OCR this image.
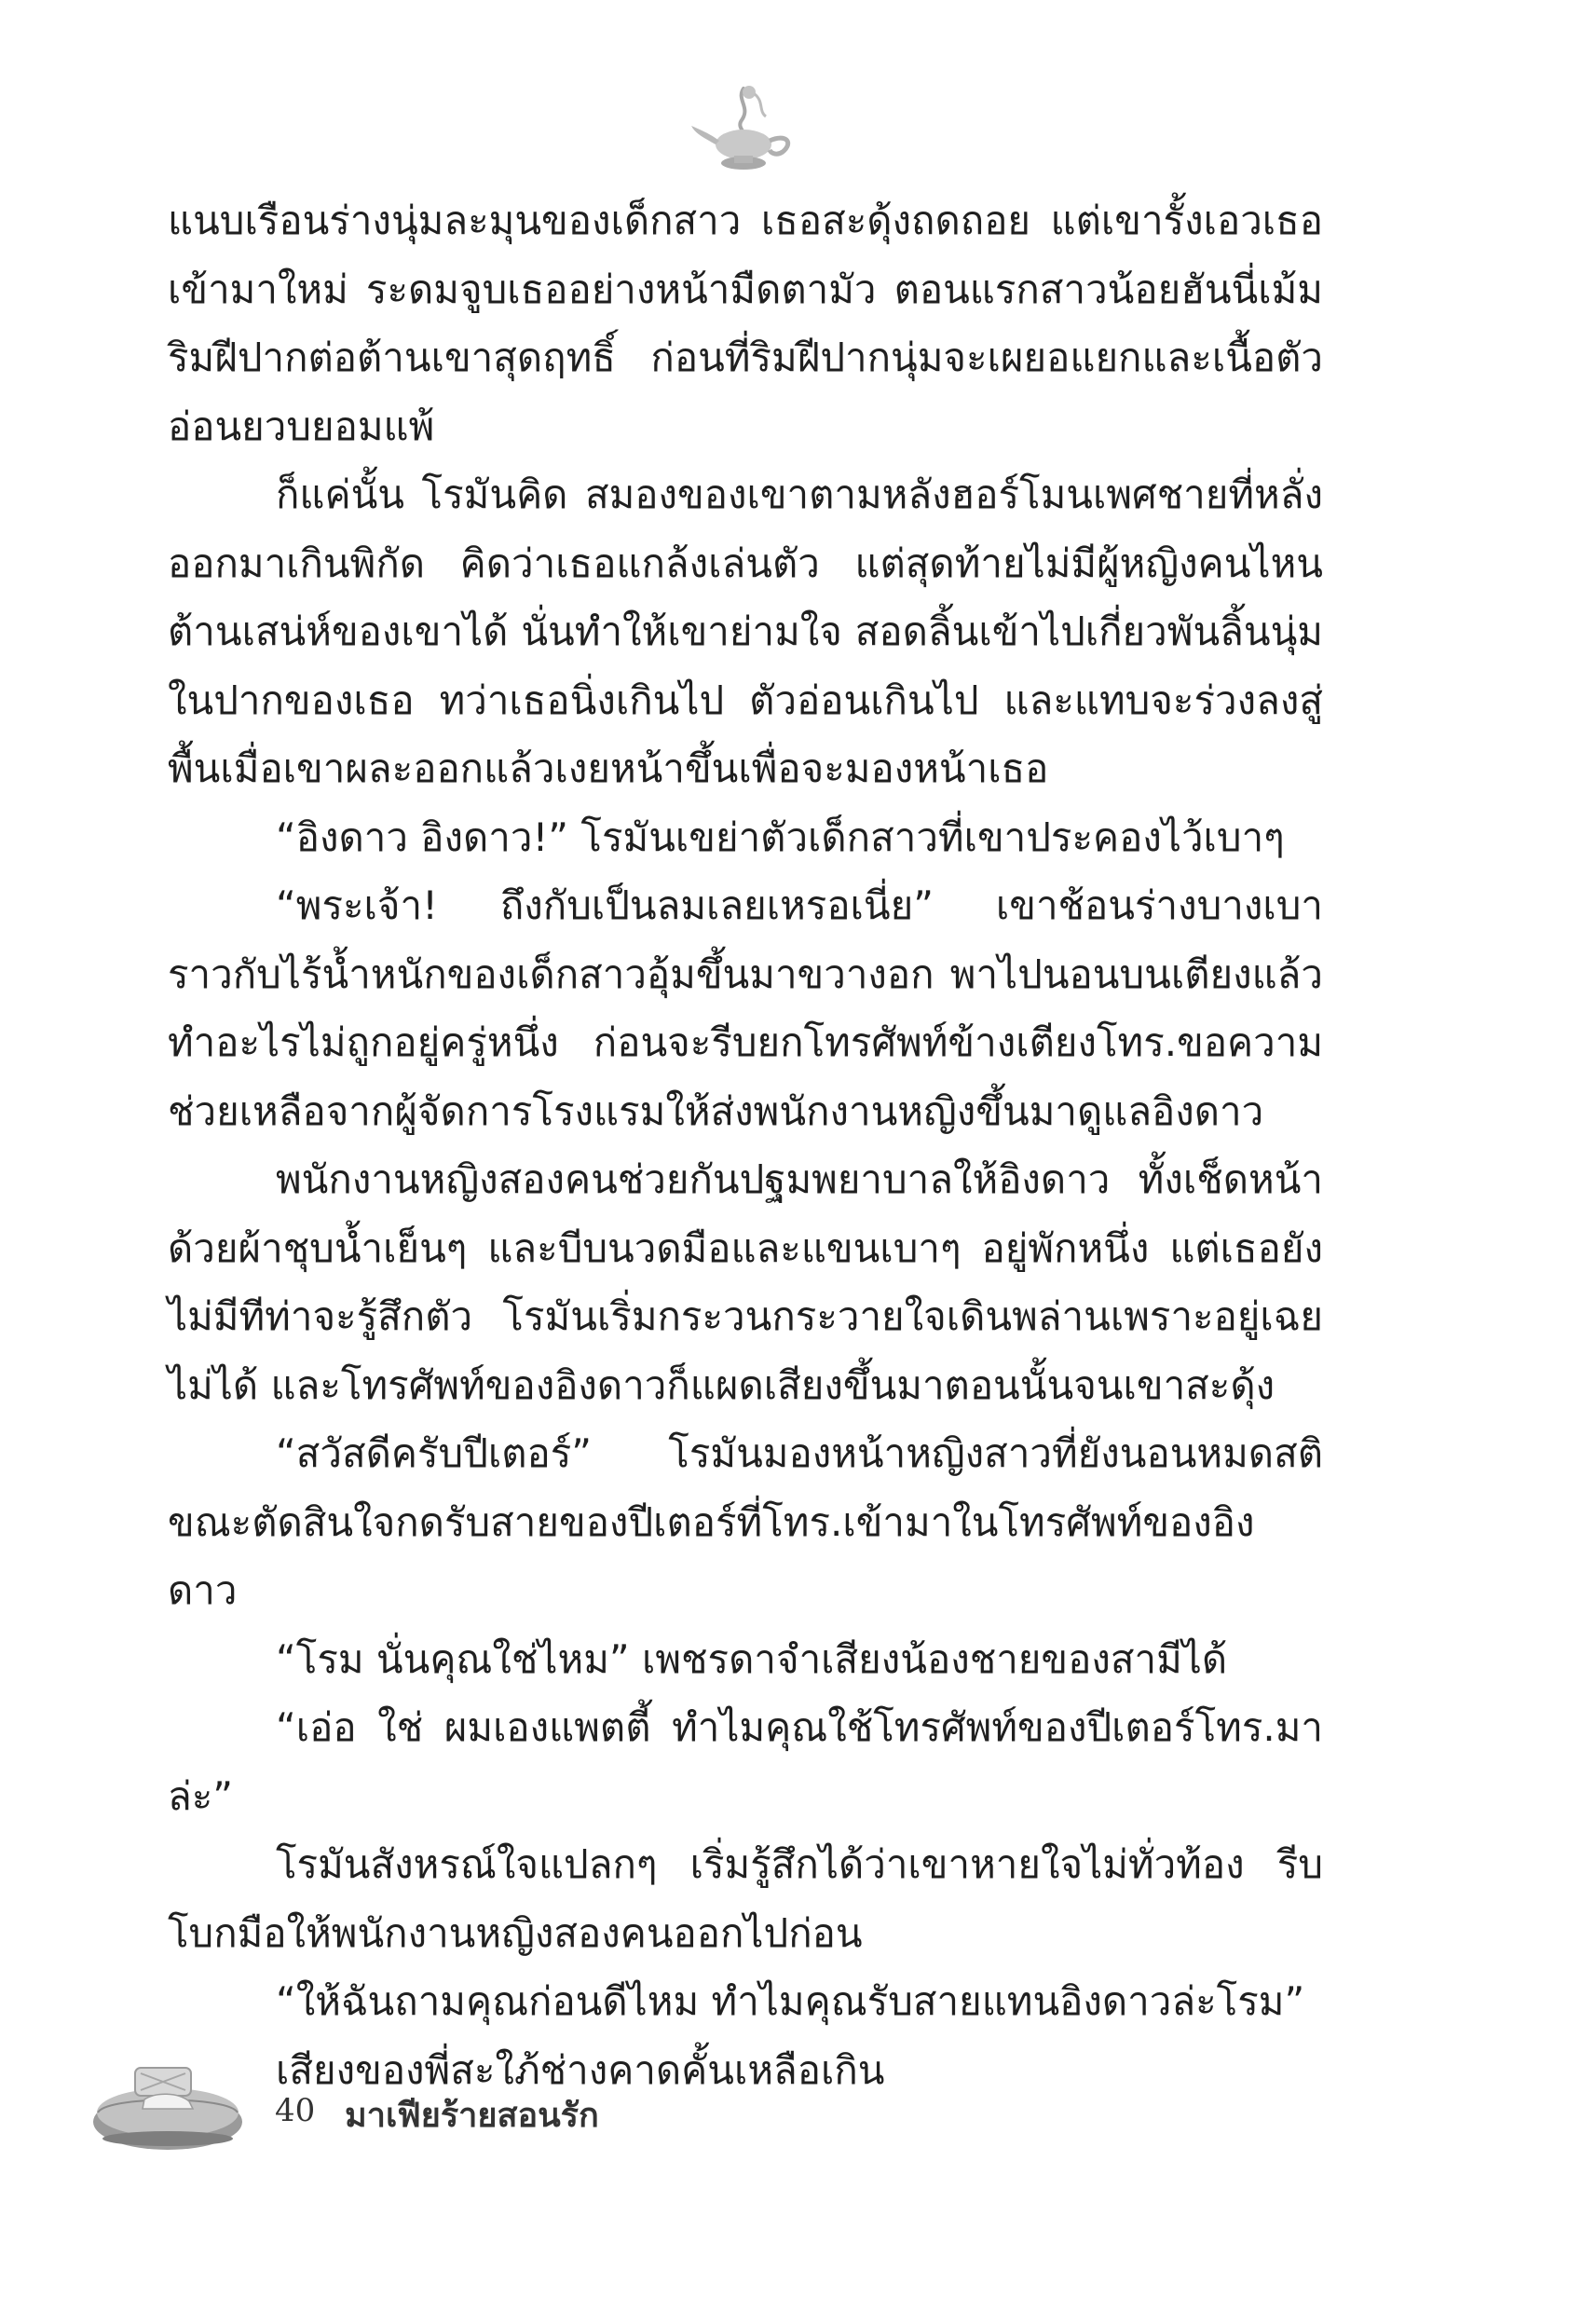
แนบเรือนร่างนุ่มละมุนของเด็กสาว เธอสะดุ้งถดถอย แต่เขารั้งเอวเธอเข้ามาใหม่ ระดมจูบเธออย่างหน้ามืดตามัว ตอนแรกสาวน้อยฮันนี่เม้มริมฝีปากต่อต้านเขาสุดฤทธิ์ ก่อนที่ริมฝีปากนุ่มจะเผยอแยกและเนื้อตัวอ่อนยวบยอมแพ้

ก็แค่นั้น โรมันคิด สมองของเขาตามหลังฮอร์โมนเพศชายที่หลั่งออกมาเกินพิกัด คิดว่าเธอแกล้งเล่นตัว แต่สุดท้ายไม่มีผู้หญิงคนไหนต้านเสน่ห์ของเขาได้ นั่นทำให้เขาย่ามใจ สอดลิ้นเข้าไปเกี่ยวพันลิ้นนุ่มในปากของเธอ ทว่าเธอนิ่งเกินไป ตัวอ่อนเกินไป และแทบจะร่วงลงสู่พื้นเมื่อเขาผละออกแล้วเงยหน้าขึ้นเพื่อจะมองหน้าเธอ

“อิงดาว อิงดาว!” โรมันเขย่าตัวเด็กสาวที่เขาประคองไว้เบาๆ

“พระเจ้า! ถึงกับเป็นลมเลยเหรอเนี่ย” เขาช้อนร่างบางเบาราวกับไร้น้ำหนักของเด็กสาวอุ้มขึ้นมาขวางอก พาไปนอนบนเตียงแล้วทำอะไรไม่ถูกอยู่ครู่หนึ่ง ก่อนจะรีบยกโทรศัพท์ข้างเตียงโทร.ขอความช่วยเหลือจากผู้จัดการโรงแรมให้ส่งพนักงานหญิงขึ้นมาดูแลอิงดาว

พนักงานหญิงสองคนช่วยกันปฐมพยาบาลให้อิงดาว ทั้งเช็ดหน้าด้วยผ้าชุบน้ำเย็นๆ และบีบนวดมือและแขนเบาๆ อยู่พักหนึ่ง แต่เธอยังไม่มีทีท่าจะรู้สึกตัว โรมันเริ่มกระวนกระวายใจเดินพล่านเพราะอยู่เฉยไม่ได้ และโทรศัพท์ของอิงดาวก็แผดเสียงขึ้นมาตอนนั้นจนเขาสะดุ้ง

“สวัสดีครับปีเตอร์” โรมันมองหน้าหญิงสาวที่ยังนอนหมดสติขณะตัดสินใจกดรับสายของปีเตอร์ที่โทร.เข้ามาในโทรศัพท์ของอิงดาว

“โรม นั่นคุณใช่ไหม” เพชรดาจำเสียงน้องชายของสามีได้

“เอ่อ ใช่ ผมเองแพตตี้ ทำไมคุณใช้โทรศัพท์ของปีเตอร์โทร.มาล่ะ”

โรมันสังหรณ์ใจแปลกๆ เริ่มรู้สึกได้ว่าเขาหายใจไม่ทั่วท้อง รีบโบกมือให้พนักงานหญิงสองคนออกไปก่อน

“ให้ฉันถามคุณก่อนดีไหม ทำไมคุณรับสายแทนอิงดาวล่ะโรม”

เสียงของพี่สะใภ้ช่างคาดคั้นเหลือเกิน

40 มาเฟียร้ายสอนรัก
